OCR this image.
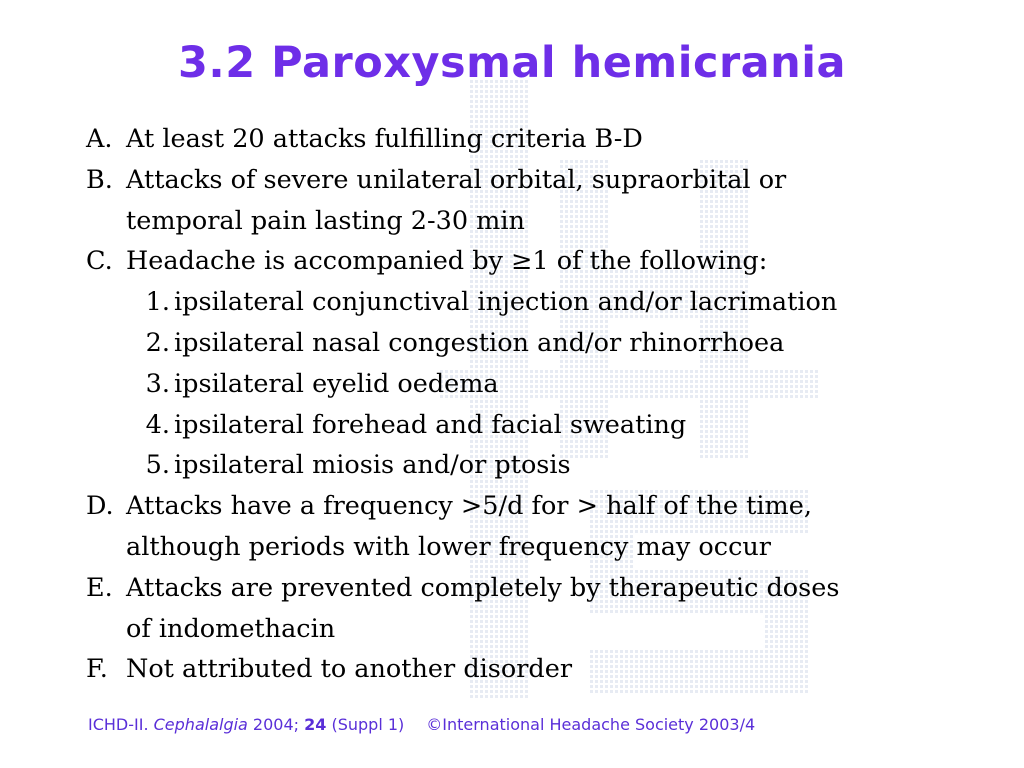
3.2 Paroxysmal hemicrania
A. At least 20 attacks fulfilling criteria B-D
B. Attacks of severe unilateral orbital, supraorbital or
temporal pain lasting 2-30 min
C. Headache is accompanied by ≥1 of the following:
1. ipsilateral conjunctival injection and/or lacrimation
2. ipsilateral nasal congestion and/or rhinorrhoea
3. ipsilateral eyelid oedema
4. ipsilateral forehead and facial sweating
5. ipsilateral miosis and/or ptosis
D. Attacks have a frequency >5/d for > half of the time,
although periods with lower frequency may occur
E. Attacks are prevented completely by therapeutic doses
of indomethacin
F. Not attributed to another disorder
ICHD-II. Cephalalgia 2004; 24 (Suppl 1) ©International Headache Society 2003/4
